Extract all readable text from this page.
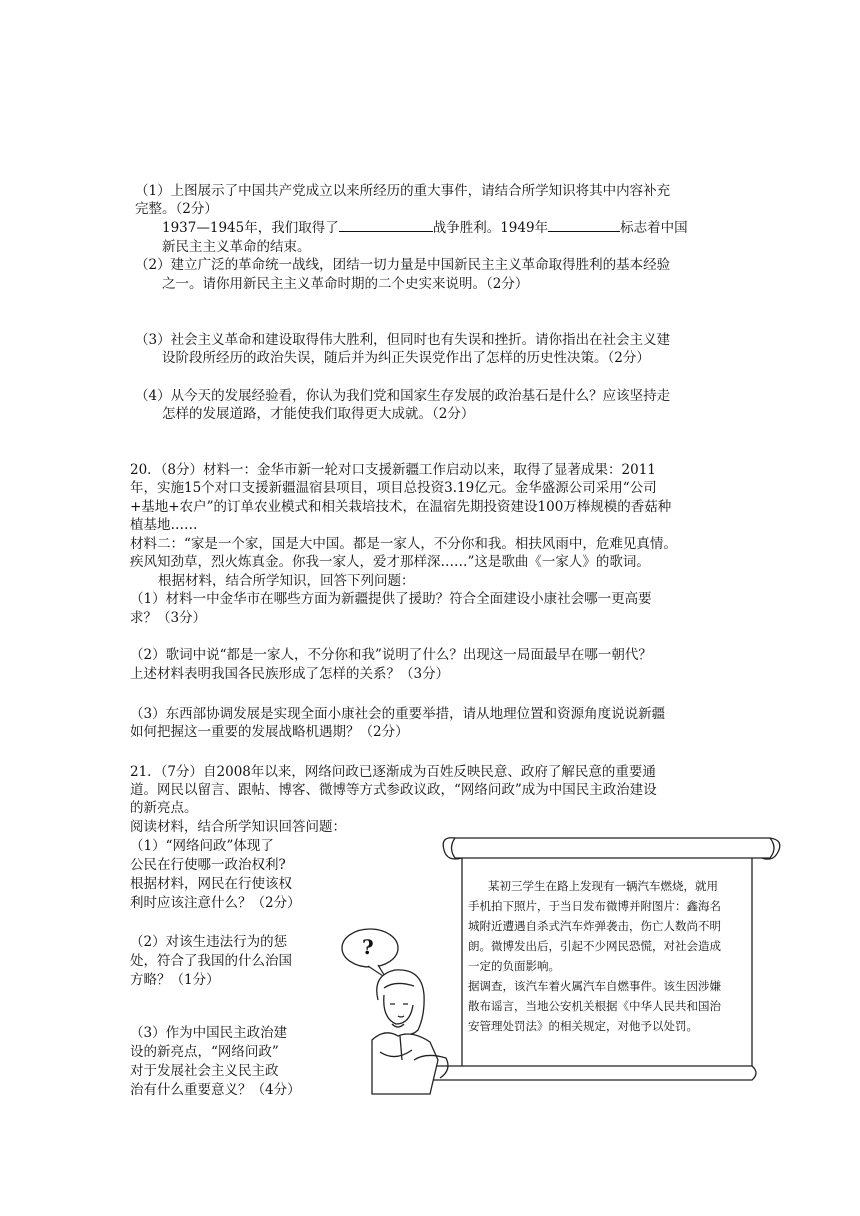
（1）上图展示了中国共产党成立以来所经历的重大事件，请结合所学知识将其中内容补充
完整。（2分）
1937—1945年，我们取得了	战争胜利。1949年	标志着中国
新民主主义革命的结束。
（2）建立广泛的革命统一战线，团结一切力量是中国新民主主义革命取得胜利的基本经验
之一。请你用新民主主义革命时期的二个史实来说明。（2分）
（3）社会主义革命和建设取得伟大胜利，但同时也有失误和挫折。请你指出在社会主义建
设阶段所经历的政治失误，随后并为纠正失误党作出了怎样的历史性决策。（2分）
（4）从今天的发展经验看，你认为我们党和国家生存发展的政治基石是什么？应该坚持走
怎样的发展道路，才能使我们取得更大成就。（2分）
20．（8分）材料一：金华市新一轮对口支援新疆工作启动以来，取得了显著成果：2011
年，实施15个对口支援新疆温宿县项目，项目总投资3.19亿元。金华盛源公司采用“公司
+基地+农户”的订单农业模式和相关栽培技术，在温宿先期投资建设100万棒规模的香菇种
植基地……
材料二：“家是一个家，国是大中国。都是一家人，不分你和我。相扶风雨中，危难见真情。
疾风知劲草，烈火炼真金。你我一家人，爱才那样深……”这是歌曲《一家人》的歌词。
根据材料，结合所学知识，回答下列问题：
（1）材料一中金华市在哪些方面为新疆提供了援助？符合全面建设小康社会哪一更高要
求？（3分）
（2）歌词中说“都是一家人，不分你和我”说明了什么？出现这一局面最早在哪一朝代？
上述材料表明我国各民族形成了怎样的关系？（3分）
（3）东西部协调发展是实现全面小康社会的重要举措，请从地理位置和资源角度说说新疆
如何把握这一重要的发展战略机遇期？（2分）
21．（7分）自2008年以来，网络问政已逐渐成为百姓反映民意、政府了解民意的重要通
道。网民以留言、跟帖、博客、微博等方式参政议政，“网络问政”成为中国民主政治建设
的新亮点。
阅读材料，结合所学知识回答问题：
（1）“网络问政”体现了
公民在行使哪一政治权利?
根据材料，网民在行使该权
利时应该注意什么？（2分）
（2）对该生违法行为的惩
处，符合了我国的什么治国
方略？（1分）
（3）作为中国民主政治建
设的新亮点，“网络问政”
对于发展社会主义民主政
治有什么重要意义？（4分）
?
某初三学生在路上发现有一辆汽车燃烧，就用
手机拍下照片，于当日发布微博并附图片：鑫海名
城附近遭遇自杀式汽车炸弹袭击，伤亡人数尚不明
朗。微博发出后，引起不少网民恐慌，对社会造成
一定的负面影响。
据调查，该汽车着火属汽车自燃事件。该生因涉嫌
散布谣言，当地公安机关根据《中华人民共和国治
安管理处罚法》的相关规定，对他予以处罚。
